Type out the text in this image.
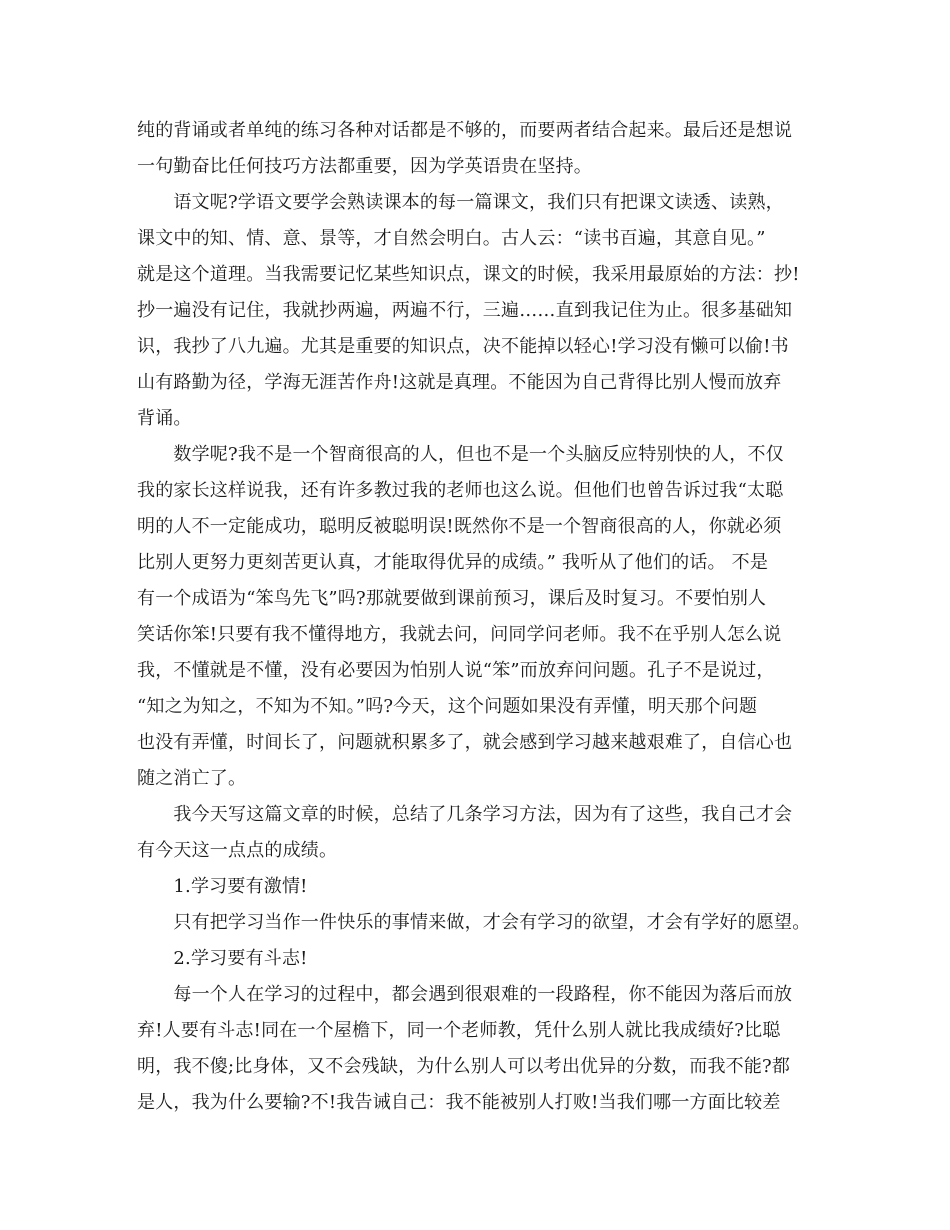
纯的背诵或者单纯的练习各种对话都是不够的，而要两者结合起来。最后还是想说
一句勤奋比任何技巧方法都重要，因为学英语贵在坚持。
　　语文呢?学语文要学会熟读课本的每一篇课文，我们只有把课文读透、读熟，
课文中的知、情、意、景等，才自然会明白。古人云：“读书百遍，其意自见。”
就是这个道理。当我需要记忆某些知识点，课文的时候，我采用最原始的方法：抄!
抄一遍没有记住，我就抄两遍，两遍不行，三遍……直到我记住为止。很多基础知
识，我抄了八九遍。尤其是重要的知识点，决不能掉以轻心!学习没有懒可以偷!书
山有路勤为径，学海无涯苦作舟!这就是真理。不能因为自己背得比别人慢而放弃
背诵。
　　数学呢?我不是一个智商很高的人，但也不是一个头脑反应特别快的人，不仅
我的家长这样说我，还有许多教过我的老师也这么说。但他们也曾告诉过我“太聪
明的人不一定能成功，聪明反被聪明误!既然你不是一个智商很高的人，你就必须
比别人更努力更刻苦更认真，才能取得优异的成绩。” 我听从了他们的话。 不是
有一个成语为“笨鸟先飞”吗?那就要做到课前预习，课后及时复习。不要怕别人
笑话你笨!只要有我不懂得地方，我就去问，问同学问老师。我不在乎别人怎么说
我，不懂就是不懂，没有必要因为怕别人说“笨”而放弃问问题。孔子不是说过，
“知之为知之，不知为不知。”吗?今天，这个问题如果没有弄懂，明天那个问题
也没有弄懂，时间长了，问题就积累多了，就会感到学习越来越艰难了，自信心也
随之消亡了。
　　我今天写这篇文章的时候，总结了几条学习方法，因为有了这些，我自己才会
有今天这一点点的成绩。
　　1.学习要有激情!
　　只有把学习当作一件快乐的事情来做，才会有学习的欲望，才会有学好的愿望。
　　2.学习要有斗志!
　　每一个人在学习的过程中，都会遇到很艰难的一段路程，你不能因为落后而放
弃!人要有斗志!同在一个屋檐下，同一个老师教，凭什么别人就比我成绩好?比聪
明，我不傻;比身体，又不会残缺，为什么别人可以考出优异的分数，而我不能?都
是人，我为什么要输?不!我告诫自己：我不能被别人打败!当我们哪一方面比较差
